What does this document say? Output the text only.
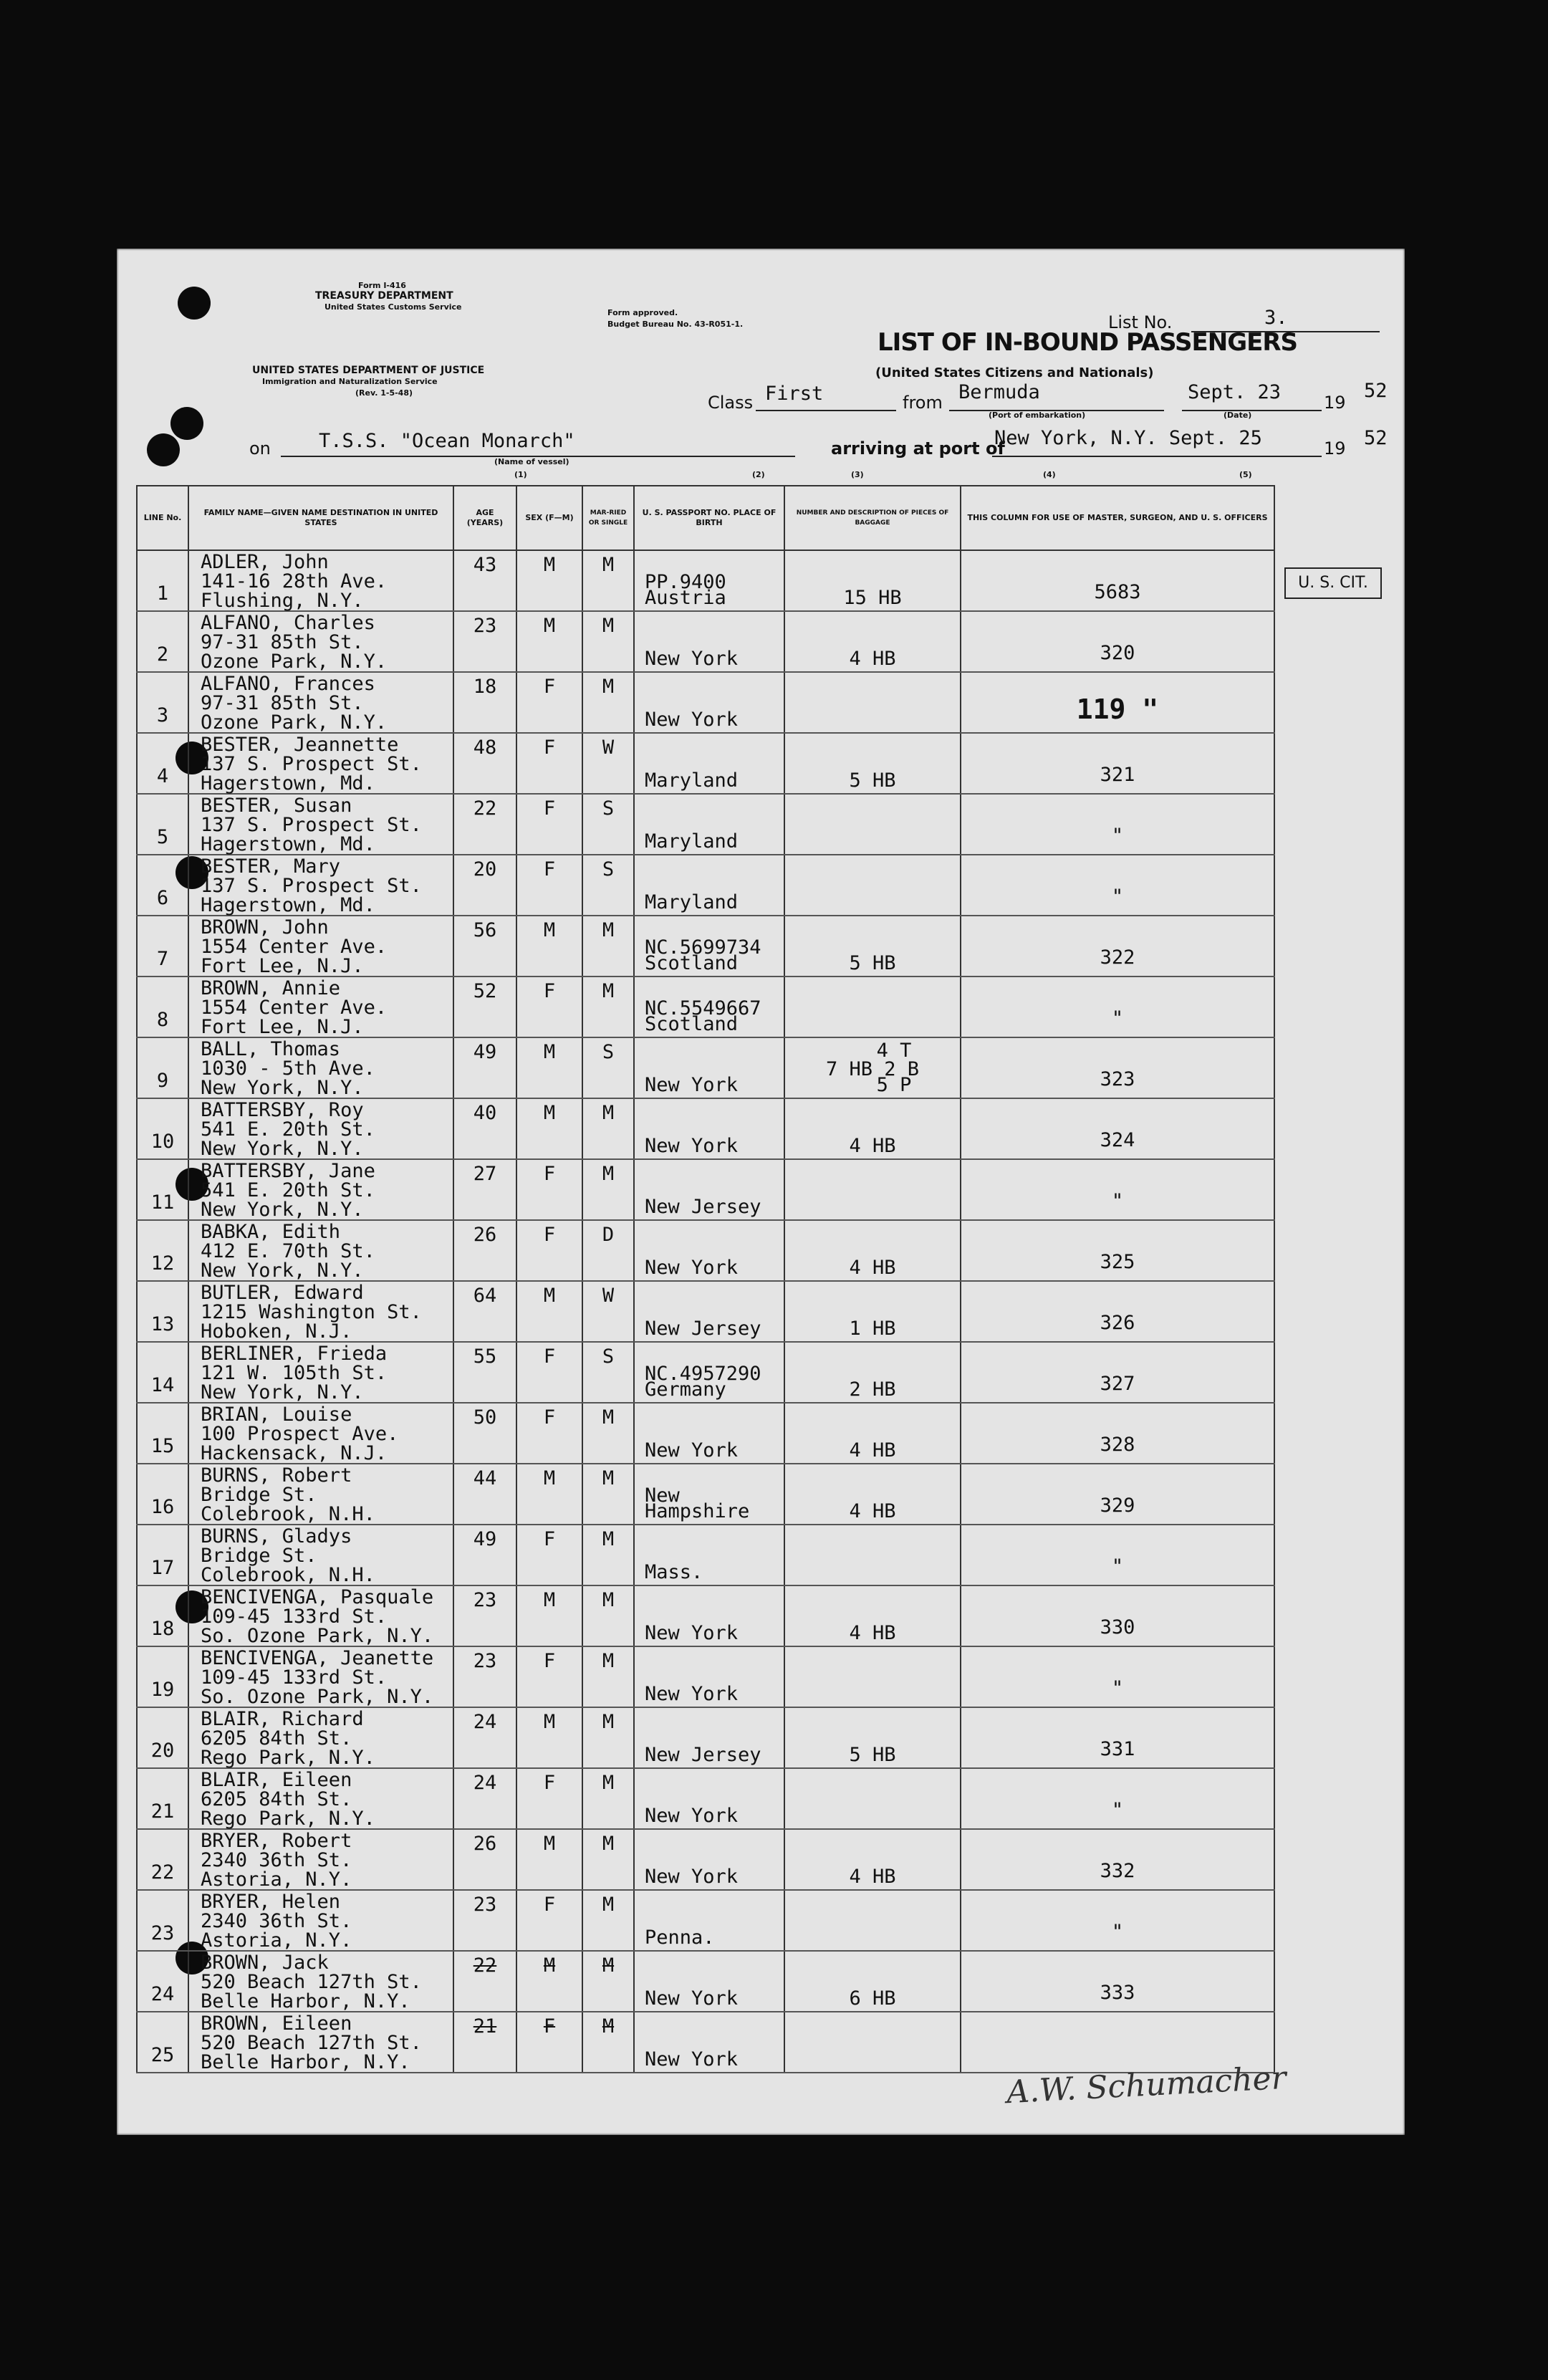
Form I-416
TREASURY DEPARTMENT
United States Customs Service
UNITED STATES DEPARTMENT OF JUSTICE
Immigration and Naturalization Service
(Rev. 1-5-48)
Form approved.
Budget Bureau No. 43-R051-1.	List No.	3.
LIST OF IN-BOUND PASSENGERS
(United States Citizens and Nationals)
Class First	from Bermuda
(Port of embarkation)
Sept. 23
(Date)
19
52
on T.S.S. "Ocean Monarch"
(Name of vessel)
arriving at port of
New York, N.Y. Sept. 25	19 52
(1)	(2)	(3)	(4)	(5)
LINE No.	FAMILY NAME—GIVEN NAME DESTINATION IN UNITED STATES	AGE (YEARS)	SEX (F—M)	MAR-RIED OR SINGLE	U. S. PASSPORT NO. PLACE OF BIRTH	NUMBER AND DESCRIPTION OF PIECES OF BAGGAGE	THIS COLUMN FOR USE OF MASTER, SURGEON, AND U. S. OFFICERS

1	ADLER, John
141-16 28th Ave.
Flushing, N.Y.	43	M	M	PP.9400
Austria	15 HB	5683

2	ALFANO, Charles
97-31 85th St.
Ozone Park, N.Y.	23	M	M	New York	4 HB	320

3	ALFANO, Frances
97-31 85th St.
Ozone Park, N.Y.	18	F	M	New York		119 "

4	BESTER, Jeannette
137 S. Prospect St.
Hagerstown, Md.	48	F	W	Maryland	5 HB	321

5	BESTER, Susan
137 S. Prospect St.
Hagerstown, Md.	22	F	S	Maryland		"

6	BESTER, Mary
137 S. Prospect St.
Hagerstown, Md.	20	F	S	Maryland		"

7	BROWN, John
1554 Center Ave.
Fort Lee, N.J.	56	M	M	NC.5699734
Scotland	5 HB	322

8	BROWN, Annie
1554 Center Ave.
Fort Lee, N.J.	52	F	M	NC.5549667
Scotland		"

9	BALL, Thomas
1030 - 5th Ave.
New York, N.Y.	49	M	S	New York	4 T
7 HB 2 B
5 P	323

10	BATTERSBY, Roy
541 E. 20th St.
New York, N.Y.	40	M	M	New York	4 HB	324

11	BATTERSBY, Jane
541 E. 20th St.
New York, N.Y.	27	F	M	New Jersey		"

12	BABKA, Edith
412 E. 70th St.
New York, N.Y.	26	F	D	New York	4 HB	325

13	BUTLER, Edward
1215 Washington St.
Hoboken, N.J.	64	M	W	New Jersey	1 HB	326

14	BERLINER, Frieda
121 W. 105th St.
New York, N.Y.	55	F	S	NC.4957290
Germany	2 HB	327

15	BRIAN, Louise
100 Prospect Ave.
Hackensack, N.J.	50	F	M	New York	4 HB	328

16	BURNS, Robert
Bridge St.
Colebrook, N.H.	44	M	M	New
Hampshire	4 HB	329

17	BURNS, Gladys
Bridge St.
Colebrook, N.H.	49	F	M	Mass.		"

18	BENCIVENGA, Pasquale
109-45 133rd St.
So. Ozone Park, N.Y.	23	M	M	New York	4 HB	330

19	BENCIVENGA, Jeanette
109-45 133rd St.
So. Ozone Park, N.Y.	23	F	M	New York		"

20	BLAIR, Richard
6205 84th St.
Rego Park, N.Y.	24	M	M	New Jersey	5 HB	331

21	BLAIR, Eileen
6205 84th St.
Rego Park, N.Y.	24	F	M	New York		"

22	BRYER, Robert
2340 36th St.
Astoria, N.Y.	26	M	M	New York	4 HB	332

23	BRYER, Helen
2340 36th St.
Astoria, N.Y.	23	F	M	Penna.		"

24	BROWN, Jack
520 Beach 127th St.
Belle Harbor, N.Y.	22	M	M	New York	6 HB	333

25	BROWN, Eileen
520 Beach 127th St.
Belle Harbor, N.Y.	21	F	M	New York		

U. S. CIT.
A.W. Schumacher
